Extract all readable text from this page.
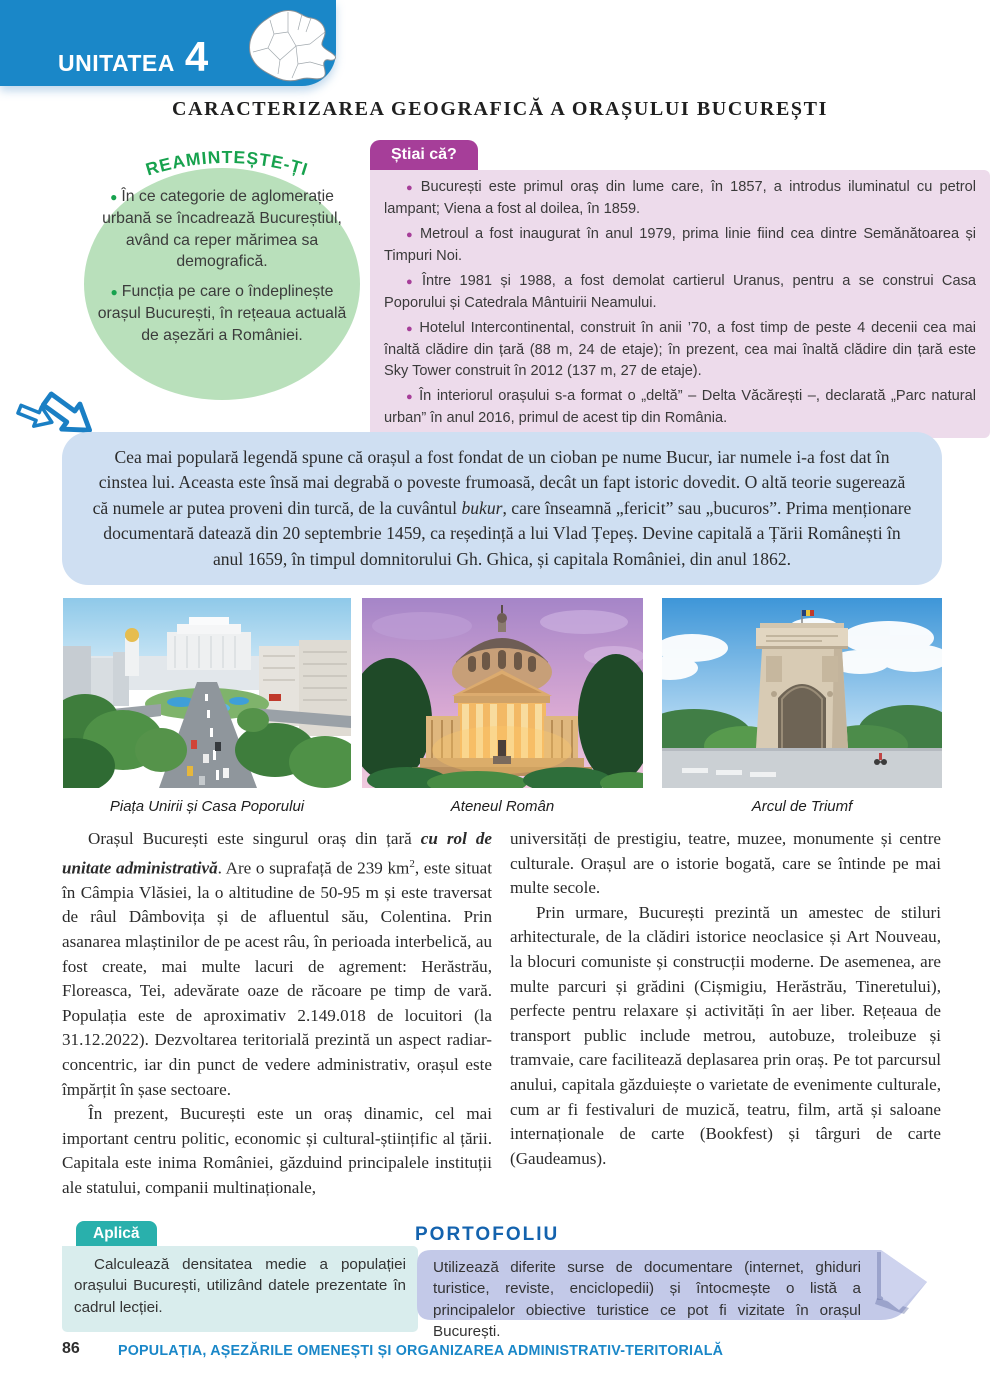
UNITATEA 4
CARACTERIZAREA GEOGRAFICĂ A ORAȘULUI BUCUREȘTI
REAMINTEȘTE-ȚI

● În ce categorie de aglomerație urbană se încadrează Bucureștiul, având ca reper mărimea sa demografică.

● Funcția pe care o îndeplinește orașul București, în rețeaua actuală de așezări a României.

Știai că?

● București este primul oraș din lume care, în 1857, a introdus iluminatul cu petrol lampant; Viena a fost al doilea, în 1859.

● Metroul a fost inaugurat în anul 1979, prima linie fiind cea dintre Semănătoarea și Timpuri Noi.

● Între 1981 și 1988, a fost demolat cartierul Uranus, pentru a se construi Casa Poporului și Catedrala Mântuirii Neamului.

● Hotelul Intercontinental, construit în anii ’70, a fost timp de peste 4 decenii cea mai înaltă clădire din țară (88 m, 24 de etaje); în prezent, cea mai înaltă clădire din țară este Sky Tower construit în 2012 (137 m, 27 de etaje).

● În interiorul orașului s-a format o „deltă” – Delta Văcărești –, declarată „Parc natural urban” în anul 2016, primul de acest tip din România.

Cea mai populară legendă spune că orașul a fost fondat de un cioban pe nume Bucur, iar numele i-a fost dat în cinstea lui. Aceasta este însă mai degrabă o poveste frumoasă, decât un fapt istoric dovedit. O altă teorie sugerează că numele ar putea proveni din turcă, de la cuvântul bukur, care înseamnă „fericit” sau „bucuros”. Prima menționare documentară datează din 20 septembrie 1459, ca reședință a lui Vlad Țepeș. Devine capitală a Țării Românești în anul 1659, în timpul domnitorului Gh. Ghica, și capitala României, din anul 1862.

Piața Unirii și Casa Poporului	Ateneul Român	Arcul de Triumf

Orașul București este singurul oraș din țară cu rol de unitate administrativă. Are o suprafață de 239 $km^2$, este situat în Câmpia Vlăsiei, la o altitudine de 50-95 m și este traversat de râul Dâmbovița și de afluentul său, Colentina. Prin asanarea mlaștinilor de pe acest râu, în perioada interbelică, au fost create, mai multe lacuri de agrement: Herăstrău, Floreasca, Tei, adevărate oaze de răcoare pe timp de vară. Populația este de aproximativ 2.149.018 de locuitori (la 31.12.2022). Dezvoltarea teritorială prezintă un aspect radiar-concentric, iar din punct de vedere administrativ, orașul este împărțit în șase sectoare.

În prezent, București este un oraș dinamic, cel mai important centru politic, economic și cultural-științific al țării. Capitala este inima României, găzduind principalele instituții ale statului, companii multinaționale,

universități de prestigiu, teatre, muzee, monumente și centre culturale. Orașul are o istorie bogată, care se întinde pe mai multe secole.

Prin urmare, București prezintă un amestec de stiluri arhitecturale, de la clădiri istorice neoclasice și Art Nouveau, la blocuri comuniste și construcții moderne. De asemenea, are multe parcuri și grădini (Cișmigiu, Herăstrău, Tineretului), perfecte pentru relaxare și activități în aer liber. Rețeaua de transport public include metrou, autobuze, troleibuze și tramvaie, care facilitează deplasarea prin oraș. Pe tot parcursul anului, capitala găzduiește o varietate de evenimente culturale, cum ar fi festivaluri de muzică, teatru, film, artă și saloane internaționale de carte (Bookfest) și târguri de carte (Gaudeamus).

Aplică

Calculează densitatea medie a populației orașului București, utilizând datele prezentate în cadrul lecției.

PORTOFOLIU

Utilizează diferite surse de documentare (internet, ghiduri turistice, reviste, enciclopedii) și întocmește o listă a principalelor obiective turistice ce pot fi vizitate în orașul București.

86	POPULAȚIA, AȘEZĂRILE OMENEȘTI ȘI ORGANIZAREA ADMINISTRATIV-TERITORIALĂ
